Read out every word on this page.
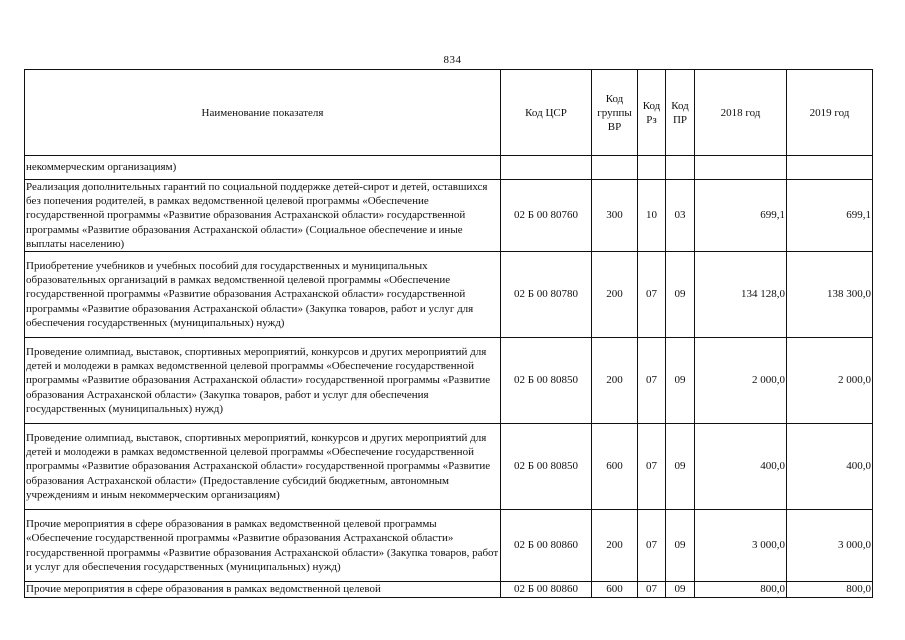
834
Наименование показателя	Код ЦСР	Код группы ВР	Код Рз	Код ПР	2018 год	2019 год
некоммерческим организациям)						
Реализация дополнительных гарантий по социальной поддержке детей-сирот и детей, оставшихся без попечения родителей, в рамках ведомственной целевой программы «Обеспечение государственной программы «Развитие образования Астраханской области» государственной программы «Развитие образования Астраханской области» (Социальное обеспечение и иные выплаты населению)	02 Б 00 80760	300	10	03	699,1	699,1
Приобретение учебников и учебных пособий для государственных и муниципальных образовательных организаций в рамках ведомственной целевой программы «Обеспечение государственной программы «Развитие образования Астраханской области» государственной программы «Развитие образования Астраханской области» (Закупка товаров, работ и услуг для обеспечения государственных (муниципальных) нужд)	02 Б 00 80780	200	07	09	134 128,0	138 300,0
Проведение олимпиад, выставок, спортивных мероприятий, конкурсов и других мероприятий для детей и молодежи в рамках ведомственной целевой программы «Обеспечение государственной программы «Развитие образования Астраханской области» государственной программы «Развитие образования Астраханской области» (Закупка товаров, работ и услуг для обеспечения государственных (муниципальных) нужд)	02 Б 00 80850	200	07	09	2 000,0	2 000,0
Проведение олимпиад, выставок, спортивных мероприятий, конкурсов и других мероприятий для детей и молодежи в рамках ведомственной целевой программы «Обеспечение государственной программы «Развитие образования Астраханской области» государственной программы «Развитие образования Астраханской области» (Предоставление субсидий бюджетным, автономным учреждениям и иным некоммерческим организациям)	02 Б 00 80850	600	07	09	400,0	400,0
Прочие мероприятия в сфере образования в рамках ведомственной целевой программы «Обеспечение государственной программы «Развитие образования Астраханской области» государственной программы «Развитие образования Астраханской области» (Закупка товаров, работ и услуг для обеспечения государственных (муниципальных) нужд)	02 Б 00 80860	200	07	09	3 000,0	3 000,0
Прочие мероприятия в сфере образования в рамках ведомственной целевой	02 Б 00 80860	600	07	09	800,0	800,0
